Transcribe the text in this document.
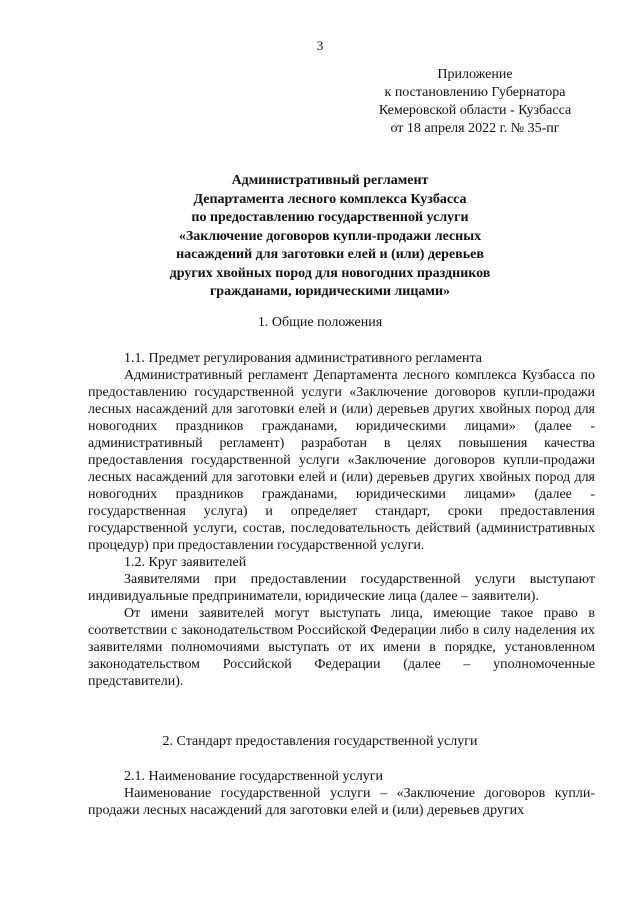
3
Приложение
к постановлению Губернатора
Кемеровской области - Кузбасса
от 18 апреля 2022 г. № 35-пг
Административный регламент
Департамента лесного комплекса Кузбасса
по предоставлению государственной услуги
«Заключение договоров купли-продажи лесных
насаждений для заготовки елей и (или) деревьев
других хвойных пород для новогодних праздников
гражданами, юридическими лицами»
1. Общие положения

1.1. Предмет регулирования административного регламента

Административный регламент Департамента лесного комплекса Кузбасса по предоставлению государственной услуги «Заключение договоров купли-продажи лесных насаждений для заготовки елей и (или) деревьев других хвойных пород для новогодних праздников гражданами, юридическими лицами» (далее - административный регламент) разработан в целях повышения качества предоставления государственной услуги «Заключение договоров купли-продажи лесных насаждений для заготовки елей и (или) деревьев других хвойных пород для новогодних праздников гражданами, юридическими лицами» (далее - государственная услуга) и определяет стандарт, сроки предоставления государственной услуги, состав, последовательность действий (административных процедур) при предоставлении государственной услуги.

1.2. Круг заявителей

Заявителями при предоставлении государственной услуги выступают индивидуальные предприниматели, юридические лица (далее – заявители).

От имени заявителей могут выступать лица, имеющие такое право в соответствии с законодательством Российской Федерации либо в силу наделения их заявителями полномочиями выступать от их имени в порядке, установленном законодательством Российской Федерации (далее – уполномоченные представители).

2. Стандарт предоставления государственной услуги

2.1. Наименование государственной услуги

Наименование государственной услуги – «Заключение договоров купли-продажи лесных насаждений для заготовки елей и (или) деревьев других
